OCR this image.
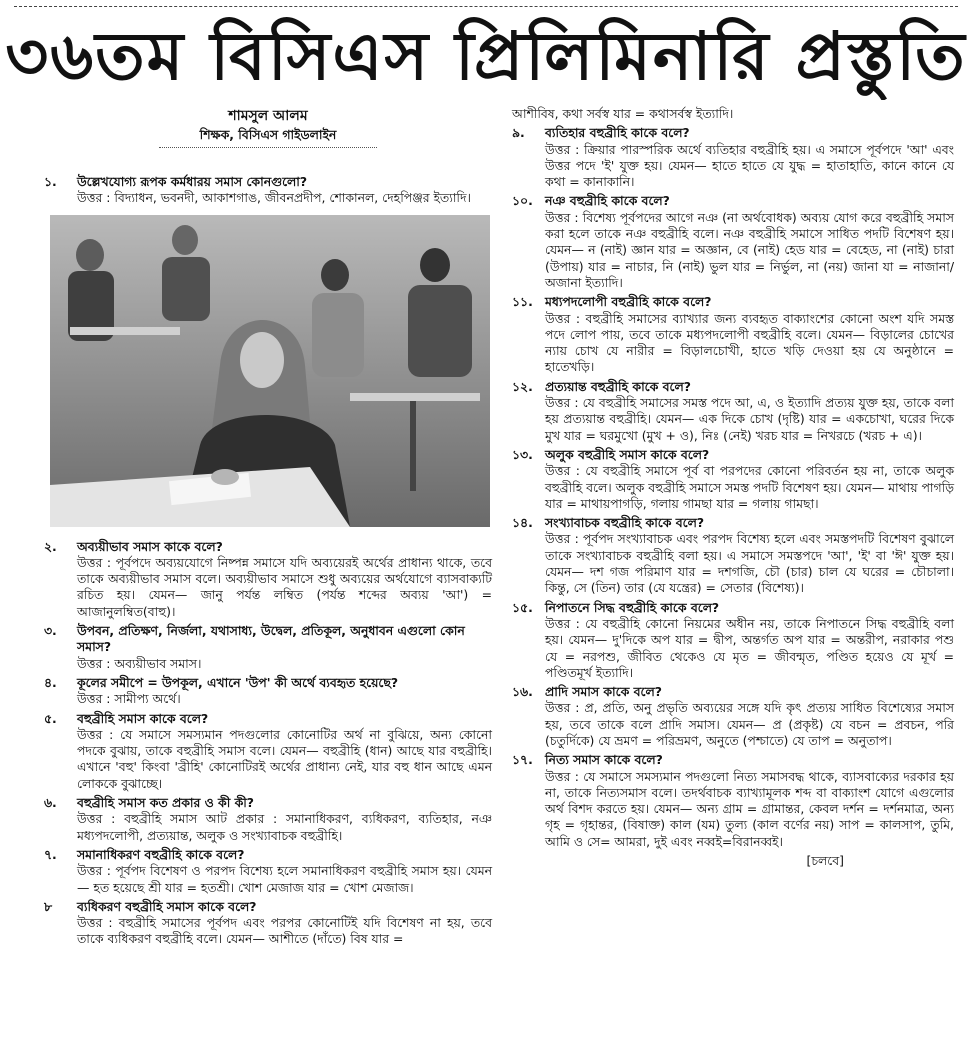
৩৬তম বিসিএস প্রিলিমিনারি প্রস্তুতি
শামসুল আলম
শিক্ষক, বিসিএস গাইডলাইন
১.	উল্লেখযোগ্য রূপক কর্মধারয় সমাস কোনগুলো?
উত্তর : বিদ্যাধন, ভবনদী, আকাশগাঙ, জীবনপ্রদীপ, শোকানল, দেহপিঞ্জর ইত্যাদি।
২.	অব্যয়ীভাব সমাস কাকে বলে?
উত্তর : পূর্বপদে অব্যয়যোগে নিষ্পন্ন সমাসে যদি অব্যয়েরই অর্থের প্রাধান্য থাকে, তবে তাকে অব্যয়ীভাব সমাস বলে। অব্যয়ীভাব সমাসে শুধু অব্যয়ের অর্থযোগে ব্যাসবাক্যটি রচিত হয়। যেমন— জানু পর্যন্ত লম্বিত (পর্যন্ত শব্দের অব্যয় 'আ') = আজানুলম্বিত(বাহু)।
৩.	উপবন, প্রতিক্ষণ, নির্জলা, যথাসাধ্য, উদ্বেল, প্রতিকূল, অনুধাবন এগুলো কোন সমাস?
উত্তর : অব্যয়ীভাব সমাস।
৪.	কূলের সমীপে = উপকূল, এখানে 'উপ' কী অর্থে ব্যবহৃত হয়েছে?
উত্তর : সামীপ্য অর্থে।
৫.	বহুব্রীহি সমাস কাকে বলে?
উত্তর : যে সমাসে সমস্যমান পদগুলোর কোনোটির অর্থ না বুঝিয়ে, অন্য কোনো পদকে বুঝায়, তাকে বহুব্রীহি সমাস বলে। যেমন— বহুব্রীহি (ধান) আছে যার বহুব্রীহি। এখানে 'বহু' কিংবা 'ব্রীহি' কোনোটিরই অর্থের প্রাধান্য নেই, যার বহু ধান আছে এমন লোককে বুঝাচ্ছে।
৬.	বহুব্রীহি সমাস কত প্রকার ও কী কী?
উত্তর : বহুব্রীহি সমাস আট প্রকার : সমানাধিকরণ, ব্যধিকরণ, ব্যতিহার, নঞ মধ্যপদলোপী, প্রত্যয়ান্ত, অলুক ও সংখ্যাবাচক বহুব্রীহি।
৭.	সমানাধিকরণ বহুব্রীহি কাকে বলে?
উত্তর : পূর্বপদ বিশেষণ ও পরপদ বিশেষ্য হলে সমানাধিকরণ বহুব্রীহি সমাস হয়। যেমন— হত হয়েছে শ্রী যার = হতশ্রী। খোশ মেজাজ যার = খোশ মেজাজ।
৮	ব্যধিকরণ বহুব্রীহি সমাস কাকে বলে?
উত্তর : বহুব্রীহি সমাসের পূর্বপদ এবং পরপর কোনোটিই যদি বিশেষণ না হয়, তবে তাকে ব্যধিকরণ বহুব্রীহি বলে। যেমন— আশীতে (দাঁতে) বিষ যার =
আশীবিষ, কথা সর্বস্ব যার = কথাসর্বস্ব ইত্যাদি।
৯.	ব্যতিহার বহুব্রীহি কাকে বলে?
উত্তর : ক্রিয়ার পারস্পরিক অর্থে ব্যতিহার বহুব্রীহি হয়। এ সমাসে পূর্বপদে 'আ' এবং উত্তর পদে 'ই' যুক্ত হয়। যেমন— হাতে হাতে যে যুদ্ধ = হাতাহাতি, কানে কানে যে কথা = কানাকানি।
১০. নঞ বহুব্রীহি কাকে বলে?
উত্তর : বিশেষ্য পূর্বপদের আগে নঞ (না অর্থবোধক) অব্যয় যোগ করে বহুব্রীহি সমাস করা হলে তাকে নঞ বহুব্রীহি বলে। নঞ বহুব্রীহি সমাসে সাধিত পদটি বিশেষণ হয়। যেমন— ন (নাই) জ্ঞান যার = অজ্ঞান, বে (নাই) হেড যার = বেহেড, না (নাই) চারা (উপায়) যার = নাচার, নি (নাই) ভুল যার = নির্ভুল, না (নয়) জানা যা = নাজানা/অজানা ইত্যাদি।
১১. মধ্যপদলোপী বহুব্রীহি কাকে বলে?
উত্তর : বহুব্রীহি সমাসের ব্যাখ্যার জন্য ব্যবহৃত বাক্যাংশের কোনো অংশ যদি সমস্ত পদে লোপ পায়, তবে তাকে মধ্যপদলোপী বহুব্রীহি বলে। যেমন— বিড়ালের চোখের ন্যায় চোখ যে নারীর = বিড়ালচোখী, হাতে খড়ি দেওয়া হয় যে অনুষ্ঠানে = হাতেখড়ি।
১২. প্রত্যয়ান্ত বহুব্রীহি কাকে বলে?
উত্তর : যে বহুব্রীহি সমাসের সমস্ত পদে আ, এ, ও ইত্যাদি প্রত্যয় যুক্ত হয়, তাকে বলা হয় প্রত্যয়ান্ত বহুব্রীহি। যেমন— এক দিকে চোখ (দৃষ্টি) যার = একচোখা, ঘরের দিকে মুখ যার = ঘরমুখো (মুখ + ও), নিঃ (নেই) খরচ যার = নিখরচে (খরচ + এ)।
১৩. অলুক বহুব্রীহি সমাস কাকে বলে?
উত্তর : যে বহুব্রীহি সমাসে পূর্ব বা পরপদের কোনো পরিবর্তন হয় না, তাকে অলুক বহুব্রীহি বলে। অলুক বহুব্রীহি সমাসে সমস্ত পদটি বিশেষণ হয়। যেমন— মাথায় পাগড়ি যার = মাথায়পাগড়ি, গলায় গামছা যার = গলায় গামছা।
১৪. সংখ্যাবাচক বহুব্রীহি কাকে বলে?
উত্তর : পূর্বপদ সংখ্যাবাচক এবং পরপদ বিশেষ্য হলে এবং সমস্তপদটি বিশেষণ বুঝালে তাকে সংখ্যাবাচক বহুব্রীহি বলা হয়। এ সমাসে সমস্তপদে 'আ', 'ই' বা 'ঈ' যুক্ত হয়। যেমন— দশ গজ পরিমাণ যার = দশগজি, চৌ (চার) চাল যে ঘরের = চৌচালা। কিন্তু, সে (তিন) তার (যে যন্ত্রের) = সেতার (বিশেষ্য)।
১৫. নিপাতনে সিদ্ধ বহুব্রীহি কাকে বলে?
উত্তর : যে বহুব্রীহি কোনো নিয়মের অধীন নয়, তাকে নিপাতনে সিদ্ধ বহুব্রীহি বলা হয়। যেমন— দু'দিকে অপ যার = দ্বীপ, অন্তর্গত অপ যার = অন্তরীপ, নরাকার পশু যে = নরপশু, জীবিত থেকেও যে মৃত = জীবন্মৃত, পণ্ডিত হয়েও যে মূর্খ = পণ্ডিতমূর্খ ইত্যাদি।
১৬. প্রাদি সমাস কাকে বলে?
উত্তর : প্র, প্রতি, অনু প্রভৃতি অব্যয়ের সঙ্গে যদি কৃৎ প্রত্যয় সাধিত বিশেষ্যের সমাস হয়, তবে তাকে বলে প্রাদি সমাস। যেমন— প্র (প্রকৃষ্ট) যে বচন = প্রবচন, পরি (চতুর্দিকে) যে ভ্রমণ = পরিভ্রমণ, অনুতে (পশ্চাতে) যে তাপ = অনুতাপ।
১৭. নিত্য সমাস কাকে বলে?
উত্তর : যে সমাসে সমস্যমান পদগুলো নিত্য সমাসবদ্ধ থাকে, ব্যাসবাক্যের দরকার হয় না, তাকে নিত্যসমাস বলে। তদর্থবাচক ব্যাখ্যামূলক শব্দ বা বাক্যাংশ যোগে এগুলোর অর্থ বিশদ করতে হয়। যেমন— অন্য গ্রাম = গ্রামান্তর, কেবল দর্শন = দর্শনমাত্র, অন্য গৃহ = গৃহান্তর, (বিষাক্ত) কাল (যম) তুল্য (কাল বর্ণের নয়) সাপ = কালসাপ, তুমি, আমি ও সে= আমরা, দুই এবং নব্বই=বিরানব্বই।
[চলবে]
